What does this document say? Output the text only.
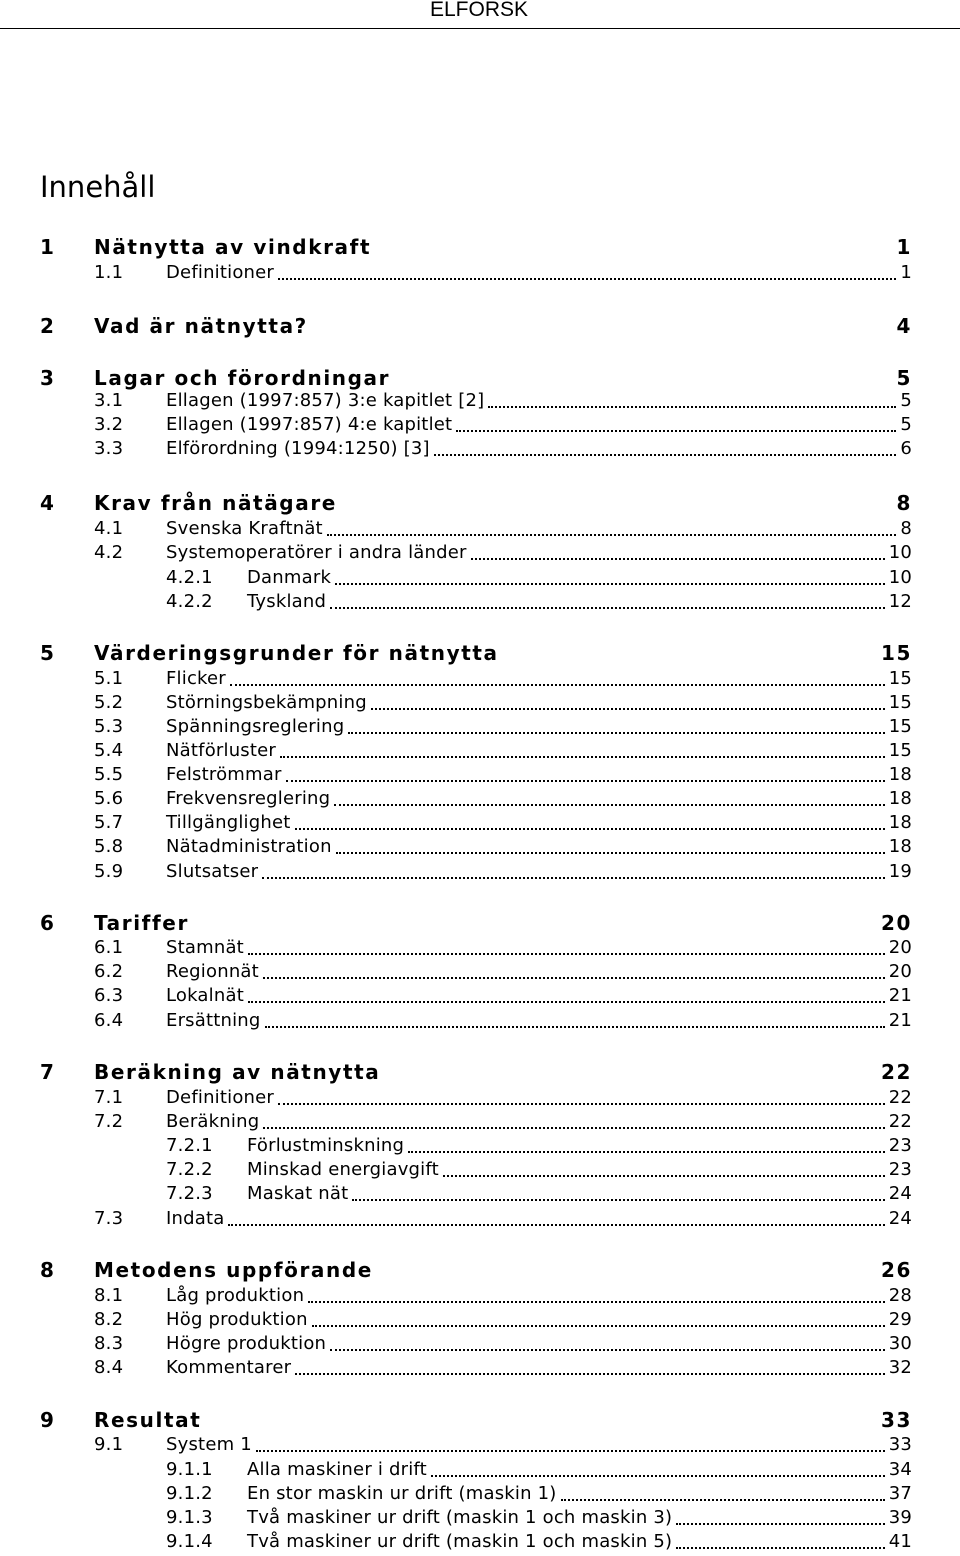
ELFORSK
Innehåll
1 Nätnytta av vindkraft	1
1.1 Definitioner	1
2 Vad är nätnytta?	4
3 Lagar och förordningar	5
3.1 Ellagen (1997:857) 3:e kapitlet [2]	5
3.2 Ellagen (1997:857) 4:e kapitlet	5
3.3 Elförordning (1994:1250) [3]	6
4 Krav från nätägare	8
4.1 Svenska Kraftnät	8
4.2 Systemoperatörer i andra länder	10
4.2.1 Danmark	10
4.2.2 Tyskland	12
5 Värderingsgrunder för nätnytta	15
5.1 Flicker	15
5.2 Störningsbekämpning	15
5.3 Spänningsreglering	15
5.4 Nätförluster	15
5.5 Felströmmar	18
5.6 Frekvensreglering	18
5.7 Tillgänglighet	18
5.8 Nätadministration	18
5.9 Slutsatser	19
6 Tariffer	20
6.1 Stamnät	20
6.2 Regionnät	20
6.3 Lokalnät	21
6.4 Ersättning	21
7 Beräkning av nätnytta	22
7.1 Definitioner	22
7.2 Beräkning	22
7.2.1 Förlustminskning	23
7.2.2 Minskad energiavgift	23
7.2.3 Maskat nät	24
7.3 Indata	24
8 Metodens uppförande	26
8.1 Låg produktion	28
8.2 Hög produktion	29
8.3 Högre produktion	30
8.4 Kommentarer	32
9 Resultat	33
9.1 System 1	33
9.1.1 Alla maskiner i drift	34
9.1.2 En stor maskin ur drift (maskin 1)	37
9.1.3 Två maskiner ur drift (maskin 1 och maskin 3)	39
9.1.4 Två maskiner ur drift (maskin 1 och maskin 5)	41
